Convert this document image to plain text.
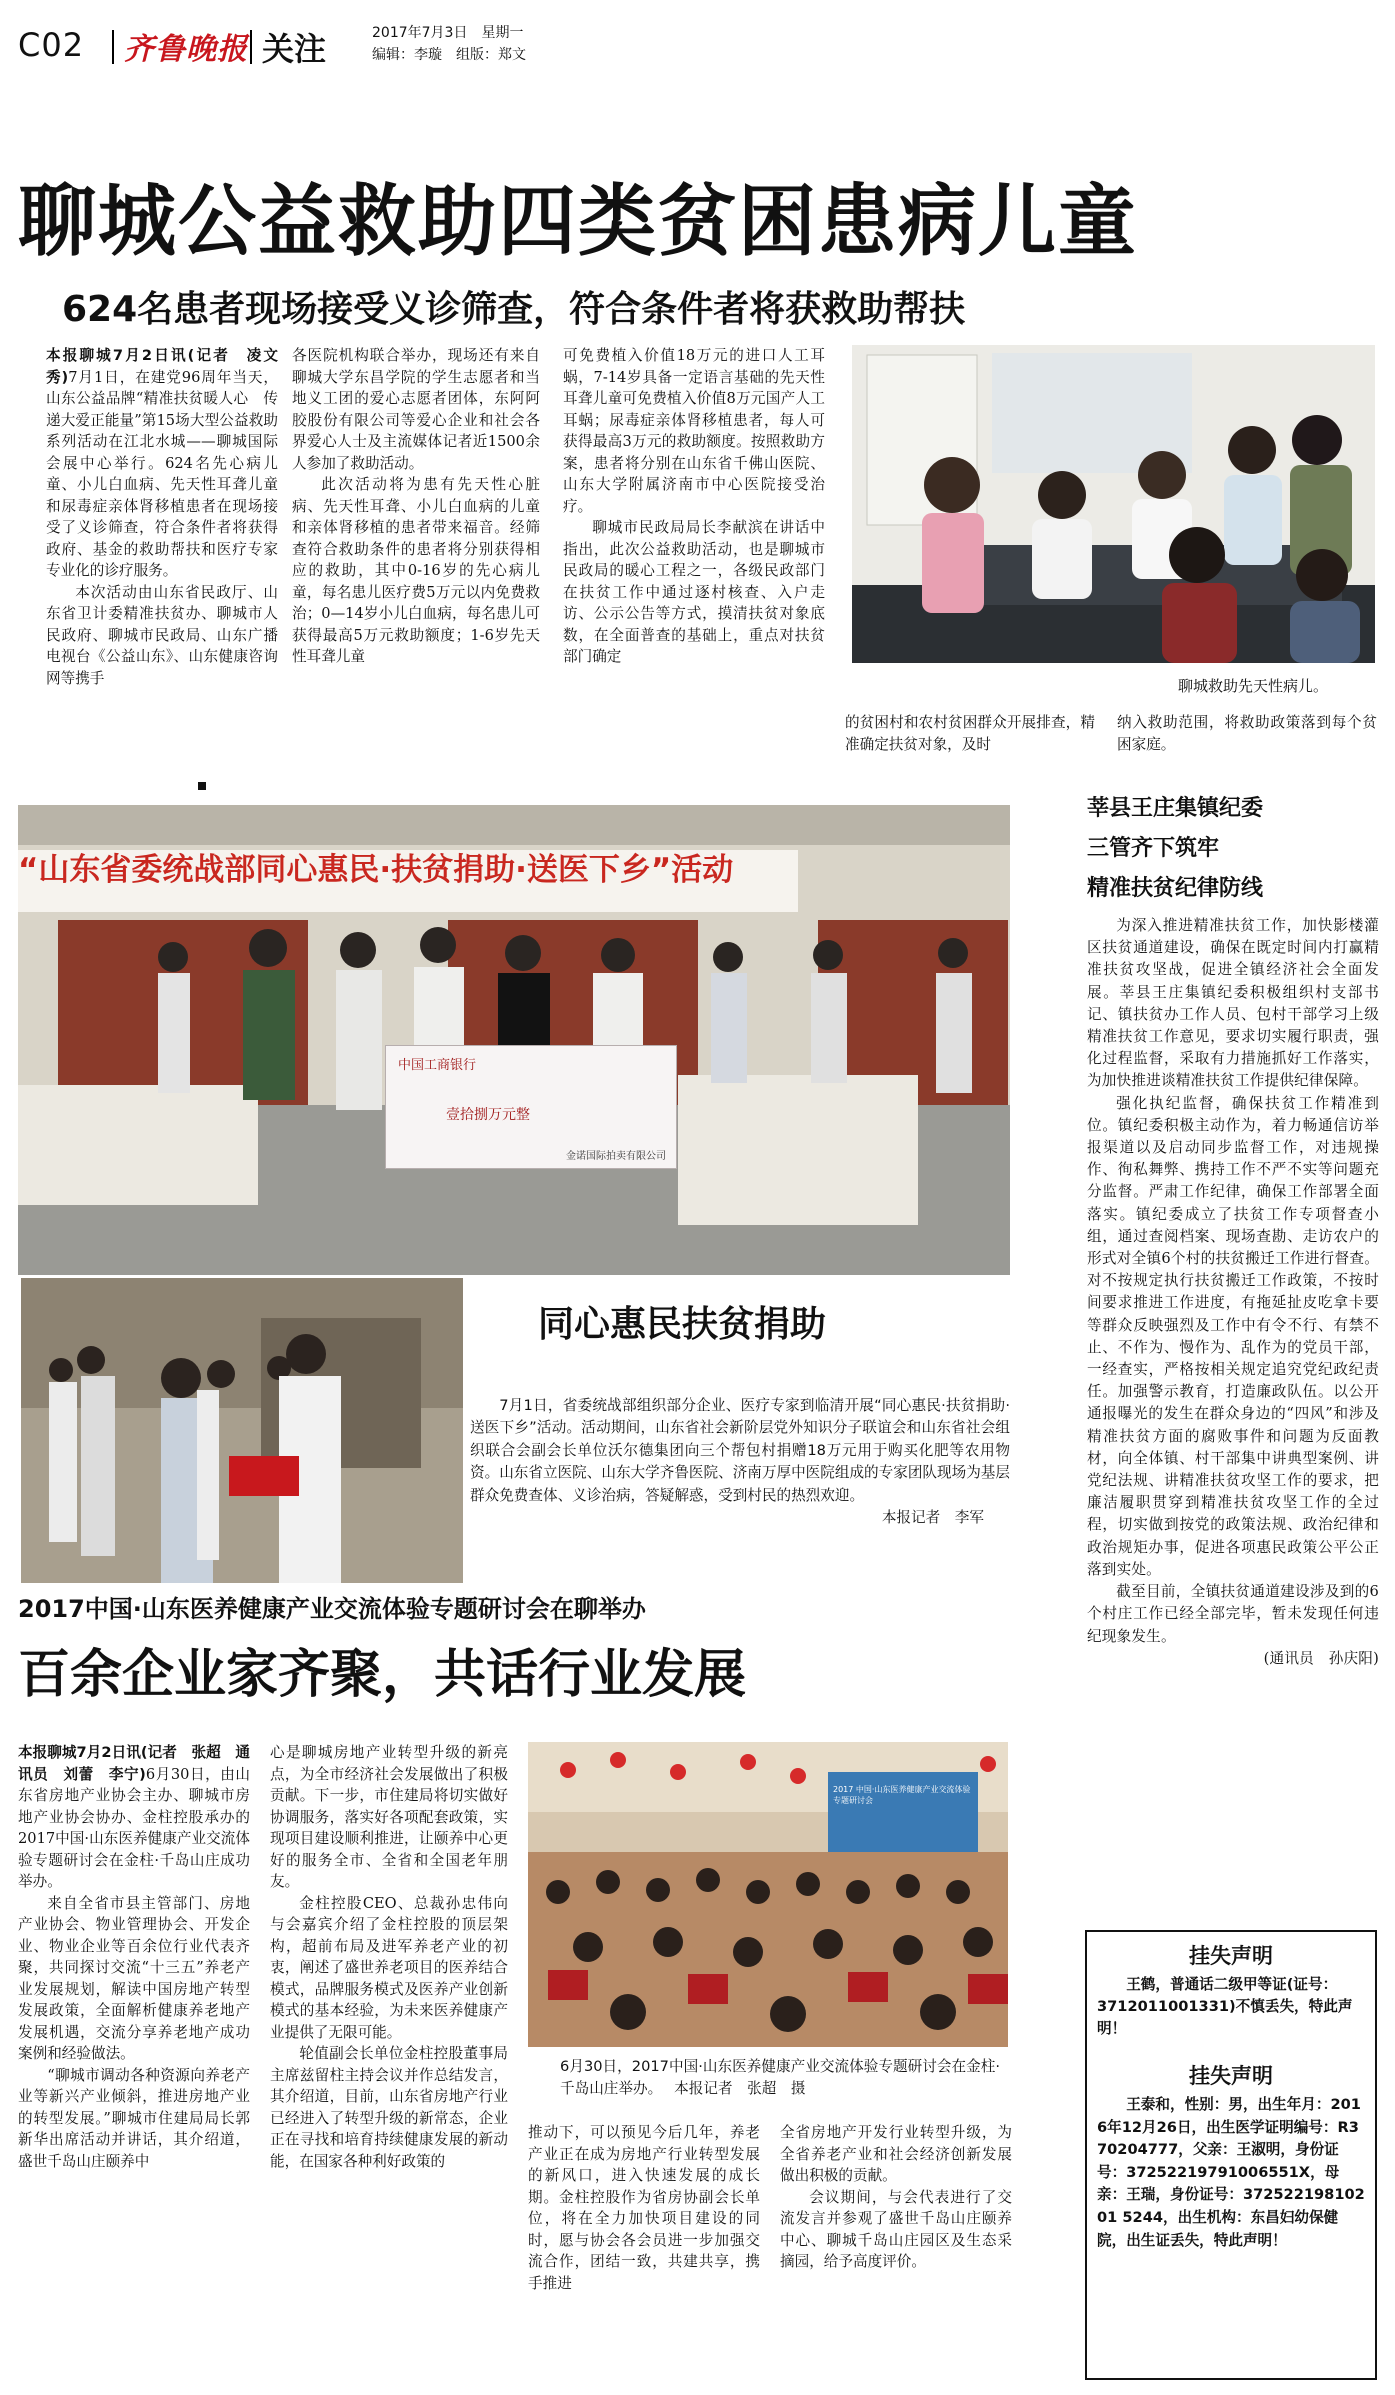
C02 齐鲁晚报 关注	2017年7月3日　星期一
编辑：李璇　组版：郑文
聊城公益救助四类贫困患病儿童
624名患者现场接受义诊筛查，符合条件者将获救助帮扶

本报聊城7月2日讯(记者　凌文秀)7月1日，在建党96周年当天，山东公益品牌“精准扶贫暖人心　传递大爱正能量”第15场大型公益救助系列活动在江北水城——聊城国际会展中心举行。624名先心病儿童、小儿白血病、先天性耳聋儿童和尿毒症亲体肾移植患者在现场接受了义诊筛查，符合条件者将获得政府、基金的救助帮扶和医疗专家专业化的诊疗服务。

本次活动由山东省民政厅、山东省卫计委精准扶贫办、聊城市人民政府、聊城市民政局、山东广播电视台《公益山东》、山东健康咨询网等携手

各医院机构联合举办，现场还有来自聊城大学东昌学院的学生志愿者和当地义工团的爱心志愿者团体，东阿阿胶股份有限公司等爱心企业和社会各界爱心人士及主流媒体记者近1500余人参加了救助活动。

此次活动将为患有先天性心脏病、先天性耳聋、小儿白血病的儿童和亲体肾移植的患者带来福音。经筛查符合救助条件的患者将分别获得相应的救助，其中0-16岁的先心病儿童，每名患儿医疗费5万元以内免费救治；0—14岁小儿白血病，每名患儿可获得最高5万元救助额度；1-6岁先天性耳聋儿童

可免费植入价值18万元的进口人工耳蜗，7-14岁具备一定语言基础的先天性耳聋儿童可免费植入价值8万元国产人工耳蜗；尿毒症亲体肾移植患者，每人可获得最高3万元的救助额度。按照救助方案，患者将分别在山东省千佛山医院、山东大学附属济南市中心医院接受治疗。

聊城市民政局局长李献滨在讲话中指出，此次公益救助活动，也是聊城市民政局的暖心工程之一，各级民政部门在扶贫工作中通过逐村核查、入户走访、公示公告等方式，摸清扶贫对象底数，在全面普查的基础上，重点对扶贫部门确定

的贫困村和农村贫困群众开展排查，精准确定扶贫对象，及时

纳入救助范围，将救助政策落到每个贫困家庭。

聊城救助先天性病儿。
“山东省委统战部同心惠民·扶贫捐助·送医下乡”活动
中国工商银行
壹拾捌万元整
金诺国际拍卖有限公司
同心惠民扶贫捐助

7月1日，省委统战部组织部分企业、医疗专家到临清开展“同心惠民·扶贫捐助·送医下乡”活动。活动期间，山东省社会新阶层党外知识分子联谊会和山东省社会组织联合会副会长单位沃尔德集团向三个帮包村捐赠18万元用于购买化肥等农用物资。山东省立医院、山东大学齐鲁医院、济南万厚中医院组成的专家团队现场为基层群众免费查体、义诊治病，答疑解惑，受到村民的热烈欢迎。

本报记者　李军

莘县王庄集镇纪委
三管齐下筑牢
精准扶贫纪律防线

为深入推进精准扶贫工作，加快影楼灌区扶贫通道建设，确保在既定时间内打赢精准扶贫攻坚战，促进全镇经济社会全面发展。莘县王庄集镇纪委积极组织村支部书记、镇扶贫办工作人员、包村干部学习上级精准扶贫工作意见，要求切实履行职责，强化过程监督，采取有力措施抓好工作落实，为加快推进谈精准扶贫工作提供纪律保障。

强化执纪监督，确保扶贫工作精准到位。镇纪委积极主动作为，着力畅通信访举报渠道以及启动同步监督工作，对违规操作、徇私舞弊、携持工作不严不实等问题充分监督。严肃工作纪律，确保工作部署全面落实。镇纪委成立了扶贫工作专项督查小组，通过查阅档案、现场查勘、走访农户的形式对全镇6个村的扶贫搬迁工作进行督查。对不按规定执行扶贫搬迁工作政策，不按时间要求推进工作进度，有拖延扯皮吃拿卡要等群众反映强烈及工作中有令不行、有禁不止、不作为、慢作为、乱作为的党员干部，一经查实，严格按相关规定追究党纪政纪责任。加强警示教育，打造廉政队伍。以公开通报曝光的发生在群众身边的“四风”和涉及精准扶贫方面的腐败事件和问题为反面教材，向全体镇、村干部集中讲典型案例、讲党纪法规、讲精准扶贫攻坚工作的要求，把廉洁履职贯穿到精准扶贫攻坚工作的全过程，切实做到按党的政策法规、政治纪律和政治规矩办事，促进各项惠民政策公平公正落到实处。

截至目前，全镇扶贫通道建设涉及到的6个村庄工作已经全部完毕，暂未发现任何违纪现象发生。

(通讯员　孙庆阳)

2017中国·山东医养健康产业交流体验专题研讨会在聊举办
百余企业家齐聚，共话行业发展

本报聊城7月2日讯(记者　张超　通讯员　刘蕾　李宁)6月30日，由山东省房地产业协会主办、聊城市房地产业协会协办、金柱控股承办的2017中国·山东医养健康产业交流体验专题研讨会在金柱·千岛山庄成功举办。

来自全省市县主管部门、房地产业协会、物业管理协会、开发企业、物业企业等百余位行业代表齐聚，共同探讨交流“十三五”养老产业发展规划，解读中国房地产转型发展政策，全面解析健康养老地产发展机遇，交流分享养老地产成功案例和经验做法。

“聊城市调动各种资源向养老产业等新兴产业倾斜，推进房地产业的转型发展。”聊城市住建局局长郭新华出席活动并讲话，其介绍道，盛世千岛山庄颐养中

心是聊城房地产业转型升级的新亮点，为全市经济社会发展做出了积极贡献。下一步，市住建局将切实做好协调服务，落实好各项配套政策，实现项目建设顺利推进，让颐养中心更好的服务全市、全省和全国老年朋友。

金柱控股CEO、总裁孙忠伟向与会嘉宾介绍了金柱控股的顶层架构，超前布局及进军养老产业的初衷，阐述了盛世养老项目的医养结合模式，品牌服务模式及医养产业创新模式的基本经验，为未来医养健康产业提供了无限可能。

轮值副会长单位金柱控股董事局主席兹留柱主持会议并作总结发言，其介绍道，目前，山东省房地产行业已经进入了转型升级的新常态，企业正在寻找和培育持续健康发展的新动能，在国家各种利好政策的

2017 中国·山东医养健康产业交流体验专题研讨会
6月30日，2017中国·山东医养健康产业交流体验专题研讨会在金柱·千岛山庄举办。 本报记者　张超　摄

推动下，可以预见今后几年，养老产业正在成为房地产行业转型发展的新风口，进入快速发展的成长期。金柱控股作为省房协副会长单位，将在全力加快项目建设的同时，愿与协会各会员进一步加强交流合作，团结一致，共建共享，携手推进

全省房地产开发行业转型升级，为全省养老产业和社会经济创新发展做出积极的贡献。

会议期间，与会代表进行了交流发言并参观了盛世千岛山庄颐养中心、聊城千岛山庄园区及生态采摘园，给予高度评价。

挂失声明
王鹤，普通话二级甲等证(证号：37120110013​31)不慎丢失，特此声明！
挂失声明
王泰和，性别：男，出生年月：2016年12月26日，出生医学证明编号：R370204777，父亲：王淑明，身份证号：3725221979​1006551X，母亲：王瑞，身份证号：3725221981​0201 5244，出生机构：东昌妇幼保健院，出生证丢失，特此声明！
